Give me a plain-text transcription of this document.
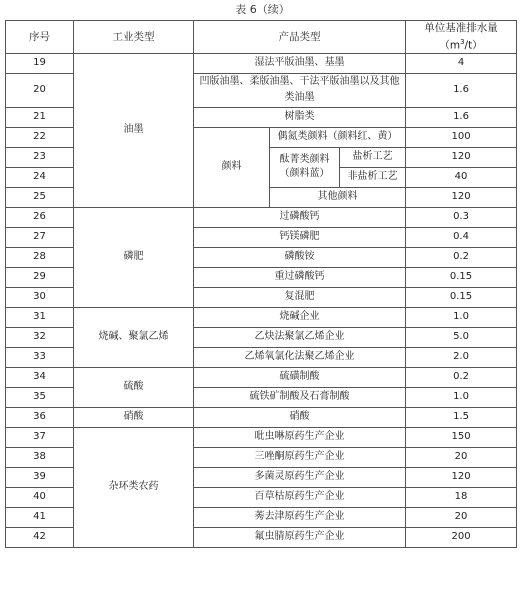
表 6（续）
序号	工业类型	产品类型			单位基准排水量$(m^3/t)$
19	油墨	湿法平版油墨、基墨			4
20		凹版油墨、柔版油墨、干法平版油墨以及其他类油墨			1.6
21		树脂类			1.6
22		颜料	偶氮类颜料（颜料红、黄）		100
23			酞菁类颜料（颜料蓝）	盐析工艺	120
24				非盐析工艺	40
25			其他颜料		120
26	磷肥	过磷酸钙			0.3
27		钙镁磷肥			0.4
28		磷酸铵			0.2
29		重过磷酸钙			0.15
30		复混肥			0.15
31	烧碱、聚氯乙烯	烧碱企业			1.0
32		乙炔法聚氯乙烯企业			5.0
33		乙烯氧氯化法聚乙烯企业			2.0
34	硫酸	硫磺制酸			0.2
35		硫铁矿制酸及石膏制酸			1.0
36	硝酸	硝酸			1.5
37	杂环类农药	吡虫啉原药生产企业			150
38		三唑酮原药生产企业			20
39		多菌灵原药生产企业			120
40		百草枯原药生产企业			18
41		莠去津原药生产企业			20
42		氟虫腈原药生产企业			200
